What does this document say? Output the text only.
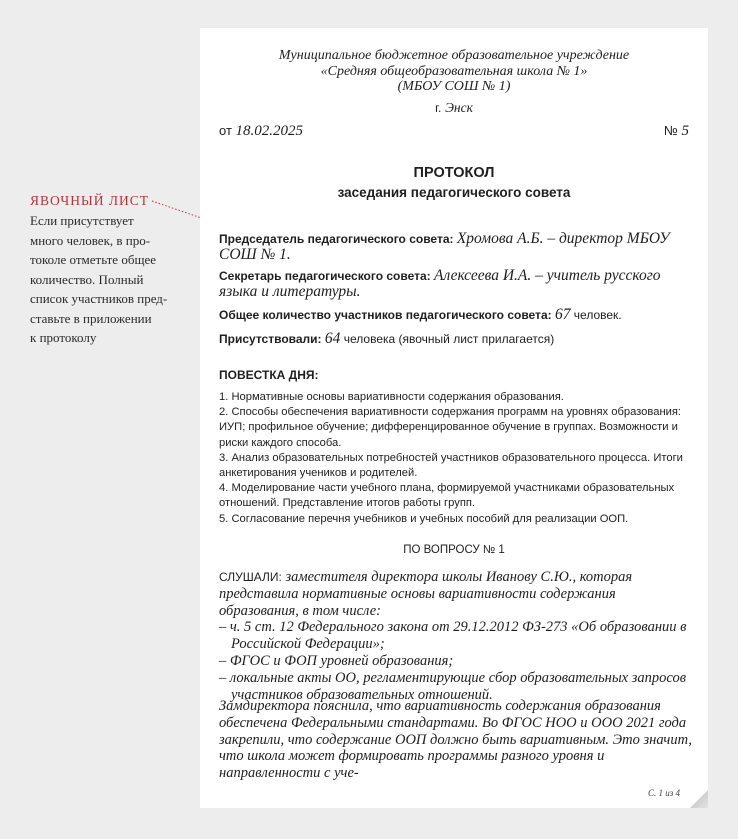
ЯВОЧНЫЙ ЛИСТ
Если присутствует
много человек, в про-
токоле отметьте общее
количество. Полный
список участников пред-
ставьте в приложении
к протоколу
Муниципальное бюджетное образовательное учреждение
«Средняя общеобразовательная школа № 1»
(МБОУ СОШ № 1)
г. Энск
от 18.02.2025	№ 5
ПРОТОКОЛ
заседания педагогического совета
Председатель педагогического совета: Хромова А.Б. – директор МБОУ СОШ № 1.
Секретарь педагогического совета: Алексеева И.А. – учитель русского языка и литературы.
Общее количество участников педагогического совета: 67 человек.
Присутствовали: 64 человека (явочный лист прилагается)
ПОВЕСТКА ДНЯ:
1. Нормативные основы вариативности содержания образования.
2. Способы обеспечения вариативности содержания программ на уровнях образования: ИУП; профильное обучение; дифференцированное обучение в группах. Возможности и риски каждого способа.
3. Анализ образовательных потребностей участников образовательного процесса. Итоги анкетирования учеников и родителей.
4. Моделирование части учебного плана, формируемой участниками образовательных отношений. Представление итогов работы групп.
5. Согласование перечня учебников и учебных пособий для реализации ООП.
ПО ВОПРОСУ № 1
СЛУШАЛИ: заместителя директора школы Иванову С.Ю., которая представила нормативные основы вариативности содержания образования, в том числе:
– ч. 5 ст. 12 Федерального закона от 29.12.2012 ФЗ-273 «Об образовании в Российской Федерации»;
– ФГОС и ФОП уровней образования;
– локальные акты ОО, регламентирующие сбор образовательных запросов участников образовательных отношений.
Замдиректора пояснила, что вариативность содержания образования обеспечена Федеральными стандартами. Во ФГОС НОО и ООО 2021 года закрепили, что содержание ООП должно быть вариативным. Это значит, что школа может формировать программы разного уровня и направленности с уче-
С. 1 из 4
